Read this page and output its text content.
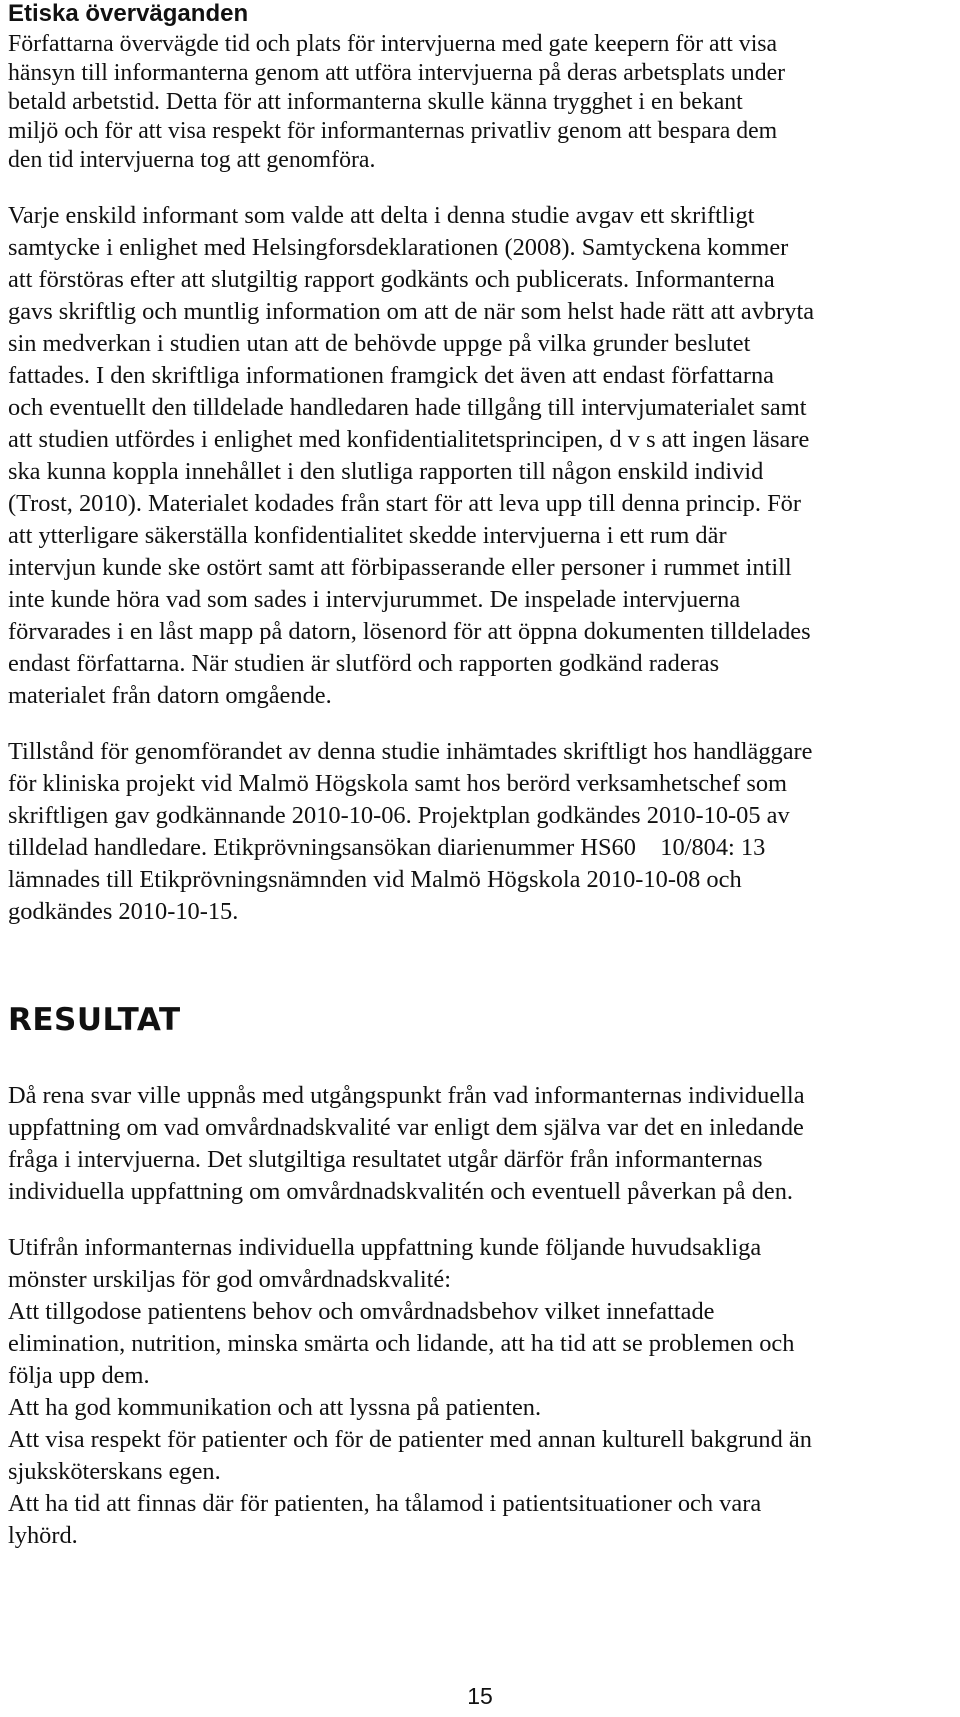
Etiska överväganden
Författarna övervägde tid och plats för intervjuerna med gate keepern för att visa
hänsyn till informanterna genom att utföra intervjuerna på deras arbetsplats under
betald arbetstid. Detta för att informanterna skulle känna trygghet i en bekant
miljö och för att visa respekt för informanternas privatliv genom att bespara dem
den tid intervjuerna tog att genomföra.
Varje enskild informant som valde att delta i denna studie avgav ett skriftligt
samtycke i enlighet med Helsingforsdeklarationen (2008). Samtyckena kommer
att förstöras efter att slutgiltig rapport godkänts och publicerats. Informanterna
gavs skriftlig och muntlig information om att de när som helst hade rätt att avbryta
sin medverkan i studien utan att de behövde uppge på vilka grunder beslutet
fattades. I den skriftliga informationen framgick det även att endast författarna
och eventuellt den tilldelade handledaren hade tillgång till intervjumaterialet samt
att studien utfördes i enlighet med konfidentialitetsprincipen, d v s att ingen läsare
ska kunna koppla innehållet i den slutliga rapporten till någon enskild individ
(Trost, 2010). Materialet kodades från start för att leva upp till denna princip. För
att ytterligare säkerställa konfidentialitet skedde intervjuerna i ett rum där
intervjun kunde ske ostört samt att förbipasserande eller personer i rummet intill
inte kunde höra vad som sades i intervjurummet. De inspelade intervjuerna
förvarades i en låst mapp på datorn, lösenord för att öppna dokumenten tilldelades
endast författarna. När studien är slutförd och rapporten godkänd raderas
materialet från datorn omgående.
Tillstånd för genomförandet av denna studie inhämtades skriftligt hos handläggare
för kliniska projekt vid Malmö Högskola samt hos berörd verksamhetschef som
skriftligen gav godkännande 2010-10-06. Projektplan godkändes 2010-10-05 av
tilldelad handledare. Etikprövningsansökan diarienummer HS60    10/804: 13
lämnades till Etikprövningsnämnden vid Malmö Högskola 2010-10-08 och
godkändes 2010-10-15.
RESULTAT
Då rena svar ville uppnås med utgångspunkt från vad informanternas individuella
uppfattning om vad omvårdnadskvalité var enligt dem själva var det en inledande
fråga i intervjuerna. Det slutgiltiga resultatet utgår därför från informanternas
individuella uppfattning om omvårdnadskvalitén och eventuell påverkan på den.
Utifrån informanternas individuella uppfattning kunde följande huvudsakliga
mönster urskiljas för god omvårdnadskvalité:
Att tillgodose patientens behov och omvårdnadsbehov vilket innefattade
elimination, nutrition, minska smärta och lidande, att ha tid att se problemen och
följa upp dem.
Att ha god kommunikation och att lyssna på patienten.
Att visa respekt för patienter och för de patienter med annan kulturell bakgrund än
sjuksköterskans egen.
Att ha tid att finnas där för patienten, ha tålamod i patientsituationer och vara
lyhörd.
15
